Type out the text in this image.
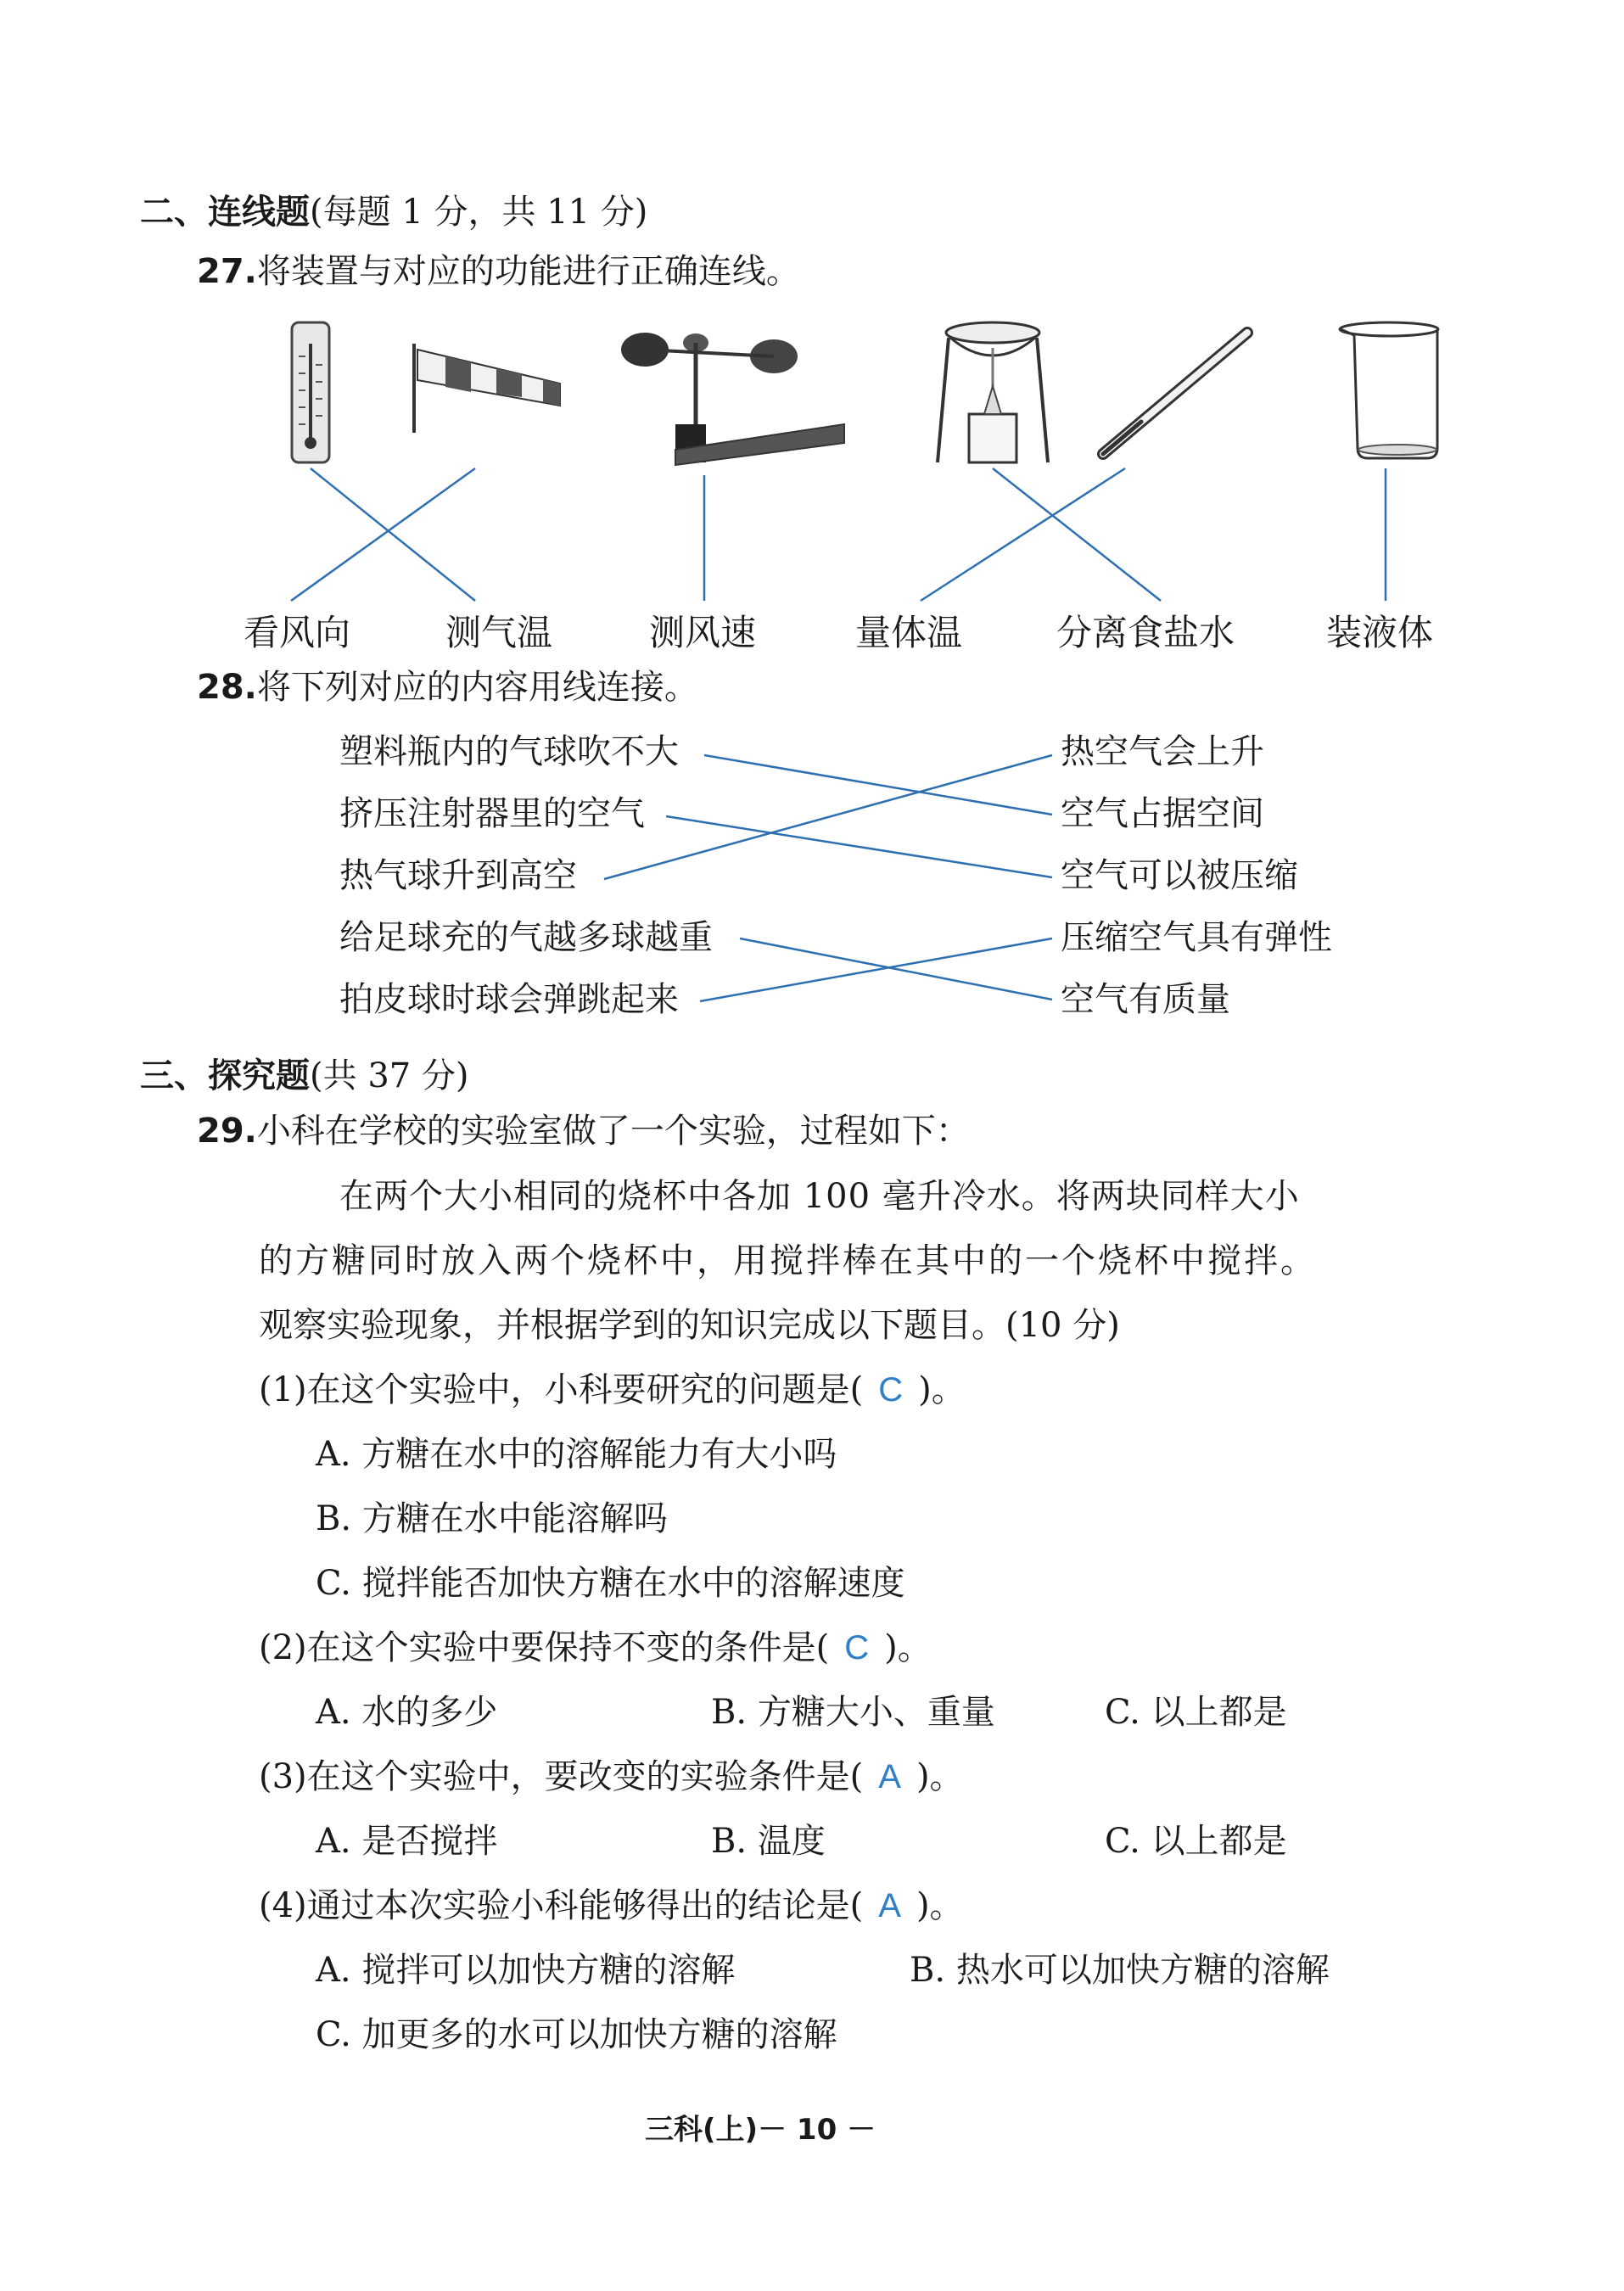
二、连线题(每题 1 分，共 11 分)
27.将装置与对应的功能进行正确连线。
看风向	测气温	测风速	量体温	分离食盐水	装液体
28.将下列对应的内容用线连接。
塑料瓶内的气球吹不大
挤压注射器里的空气
热气球升到高空
给足球充的气越多球越重
拍皮球时球会弹跳起来
热空气会上升
空气占据空间
空气可以被压缩
压缩空气具有弹性
空气有质量
三、探究题(共 37 分)
29.小科在学校的实验室做了一个实验，过程如下：
在两个大小相同的烧杯中各加 100 毫升冷水。将两块同样大小
的方糖同时放入两个烧杯中，用搅拌棒在其中的一个烧杯中搅拌。
观察实验现象，并根据学到的知识完成以下题目。(10 分)
(1)在这个实验中，小科要研究的问题是( C )。
A. 方糖在水中的溶解能力有大小吗
B. 方糖在水中能溶解吗
C. 搅拌能否加快方糖在水中的溶解速度
(2)在这个实验中要保持不变的条件是( C )。
A. 水的多少	B. 方糖大小、重量	C. 以上都是
(3)在这个实验中，要改变的实验条件是( A )。
A. 是否搅拌	B. 温度	C. 以上都是
(4)通过本次实验小科能够得出的结论是( A )。
A. 搅拌可以加快方糖的溶解	B. 热水可以加快方糖的溶解
C. 加更多的水可以加快方糖的溶解
三科(上)－ 10 －
